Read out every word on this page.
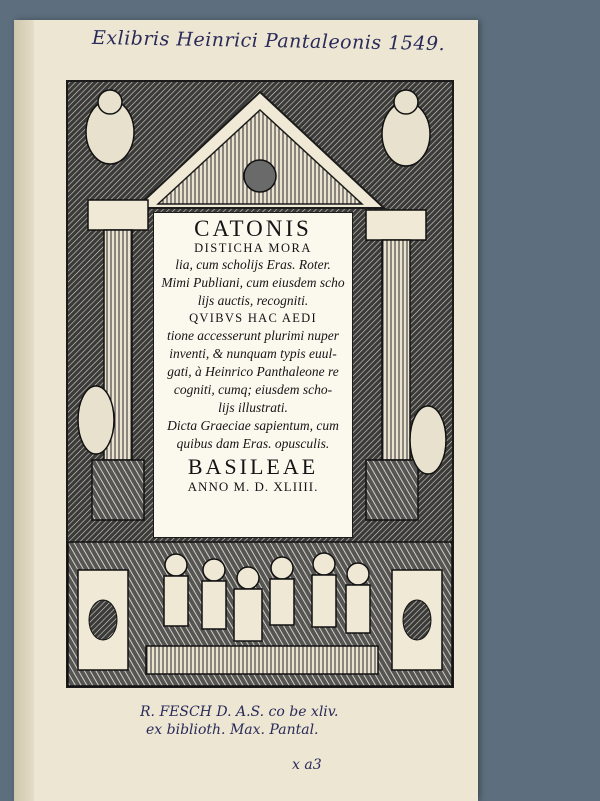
Exlibris Heinrici Pantaleonis 1549.
CATONIS
DISTICHA MORA
lia, cum scholijs Eras. Roter.
Mimi Publiani, cum eiusdem scho
lijs auctis, recogniti.
QVIBVS HAC AEDI
tione accesserunt plurimi nuper
inventi, & nunquam typis euul-
gati, à Heinrico Panthaleone re
cogniti, cumq; eiusdem scho-
lijs illustrati.
Dicta Graeciae sapientum, cum
quibus dam Eras. opusculis.
BASILEAE
ANNO M. D. XLIIII.
R. FESCH D. A.S. co be xliv.
ex biblioth. Max. Pantal.
x a3
